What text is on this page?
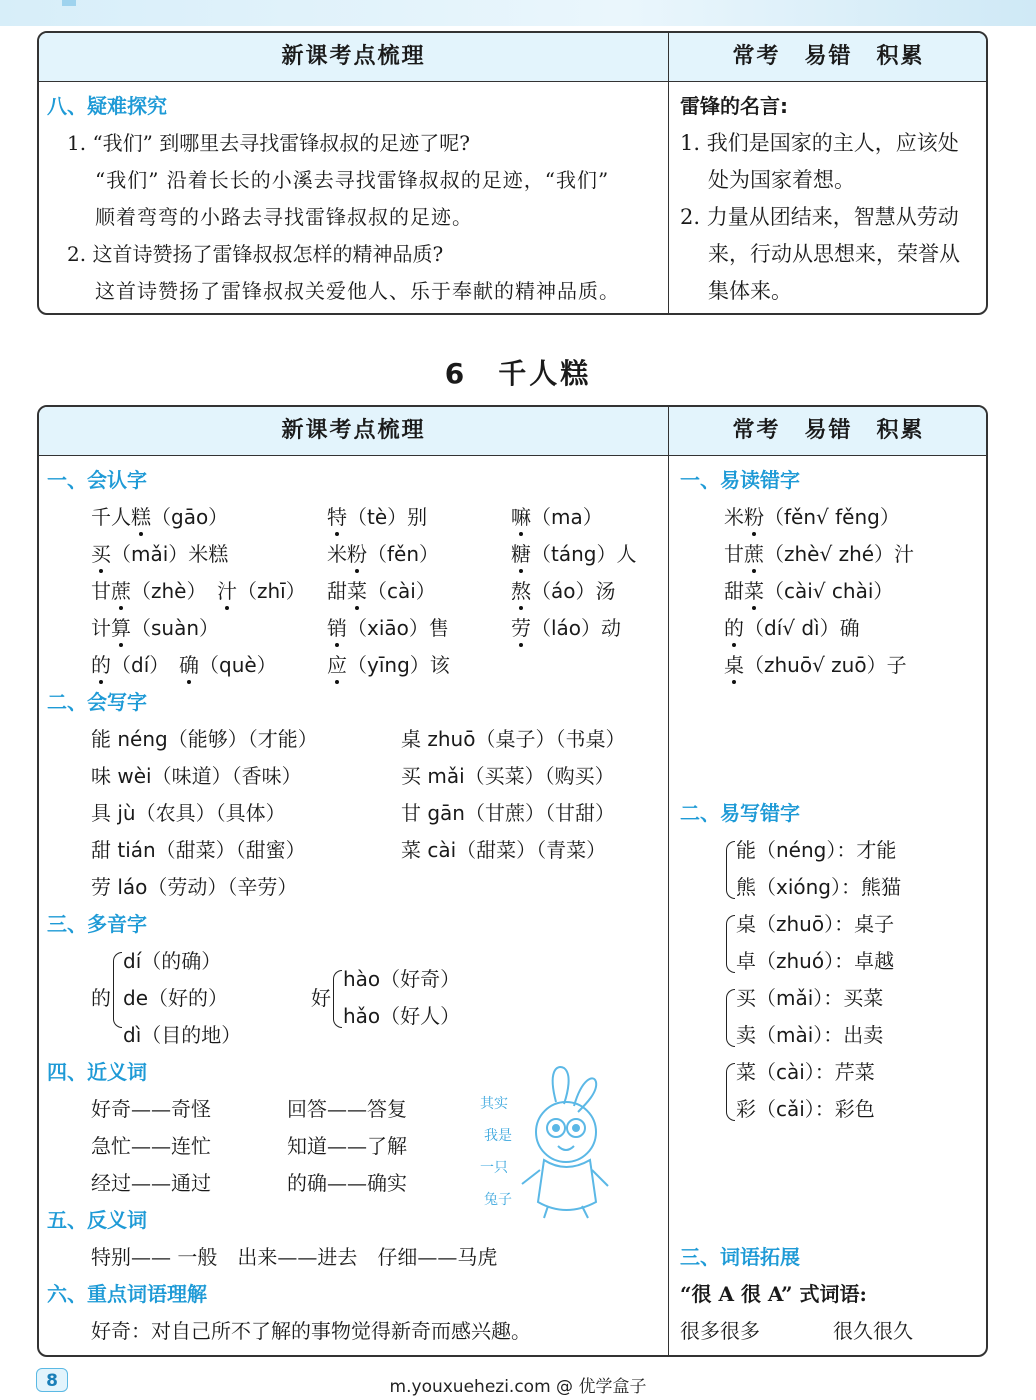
新课考点梳理	常考　易错　积累
八、疑难探究
1. “我们” 到哪里去寻找雷锋叔叔的足迹了呢?
“我们” 沿着长长的小溪去寻找雷锋叔叔的足迹，“我们”
顺着弯弯的小路去寻找雷锋叔叔的足迹。
2. 这首诗赞扬了雷锋叔叔怎样的精神品质?
这首诗赞扬了雷锋叔叔关爱他人、乐于奉献的精神品质。
雷锋的名言:
1. 我们是国家的主人，应该处
处为国家着想。
2. 力量从团结来，智慧从劳动
来，行动从思想来，荣誉从
集体来。
6　千人糕
新课考点梳理	常考　易错　积累
一、会认字
千人糕（gāo）	特（tè）别	嘛（ma）
买（mǎi）米糕	米粉（fěn）	糖（táng）人
甘蔗（zhè） 汁（zhī） 甜菜（cài）	熬（áo）汤
计算（suàn）	销（xiāo）售	劳（láo）动
的（dí） 确（què）	应（yīng）该
二、会写字
能 néng（能够）（才能）	桌 zhuō（桌子）（书桌）
味 wèi（味道）（香味）	买 mǎi（买菜）（购买）
具 jù（农具）（具体）	甘 gān（甘蔗）（甘甜）
甜 tián（甜菜）（甜蜜）	菜 cài（甜菜）（青菜）
劳 láo（劳动）（辛劳）
三、多音字
的
dí（的确）
de（好的）
dì（目的地）
好
hào（好奇）
hǎo（好人）
四、近义词
好奇——奇怪	回答——答复
急忙——连忙	知道——了解
经过——通过	的确——确实
五、反义词
特别—— 一般　出来——进去　仔细——马虎
六、重点词语理解
好奇：对自己所不了解的事物觉得新奇而感兴趣。
一、易读错字
米粉（fěn√ fěng）
甘蔗（zhè√ zhé）汁
甜菜（cài√ chài）
的（dí√ dì）确
桌（zhuō√ zuō）子
二、易写错字
能（néng）：才能
熊（xióng）：熊猫
桌（zhuō）：桌子
卓（zhuó）：卓越
买（mǎi）：买菜
卖（mài）：出卖
菜（cài）：芹菜
彩（cǎi）：彩色
三、词语拓展
“很 A 很 A” 式词语:
很多很多	很久很久
其实
我是
一只
兔子
8	m.youxuehezi.com @ 优学盒子
